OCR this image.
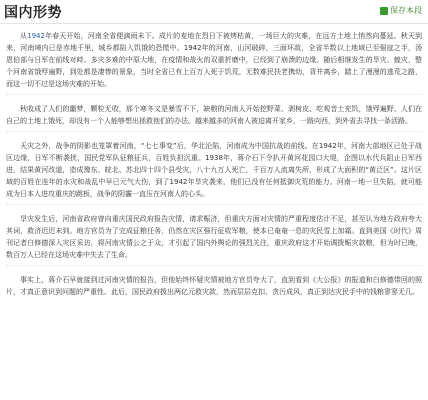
国内形势	保存本段

从1942年春天开始，河南全省便滴雨未下。成片的麦地在烈日下被烤枯黄，一场巨大的灾难，在远方土地上悄然向蔓延。秋天到来，河南境内已是赤地千里，城乡都陷入饥饿的恐慌中。1942年的河南，山河破碎，三面环敌，全省半数以上地域已至强寇之手，汤恩伯部与日军在前线对峙。多灾多难的中原大地，在疫情和战火的双重折磨中，已经到了崩溃的边缘。随后相继发生的旱灾、蝗灾，整个河南省饿殍遍野，到处都是凄惨的景象，当时全省已有上百万人死于饥荒，无数难民扶老携幼，背井离乡，踏上了漫漫的逃荒之路，而这一切不过是这场灾难的开始。

秋收成了人们的噩梦，颗粒无收，那个寒冬又是暴雪不下，缺粮的河南人开始挖野菜、剥树皮、吃观音土充饥，饿殍遍野。人们在自己的土地上饿死，却没有一个人能够想出拯救他们的办法。越来越多的河南人被迫离开家乡，一路向西，到外省去寻找一条活路。

天灾之外，战争的阴影也笼罩着河南，“七七事变”后，华北沦陷，河南成为中国抗战的前线。在1942年，河南大部地区已处于战区边缘，日军不断袭扰，国民党军队征粮征兵，百姓负担沉重。1938年，蒋介石下令扒开黄河花园口大堤，企图以水代兵阻止日军西进，结果黄河改道，造成豫东、皖北、苏北四十四个县受灾，八十九万人死亡，千百万人流离失所，形成了大面积的“黄泛区”。这片区域的百姓在连年的水灾和战乱中早已元气大伤，到了1942年旱灾袭来，他们已没有任何抵御灾荒的能力。河南一地一旦失陷，就可能成为日本人进攻重庆的跳板，战争的阴霾一直压在河南人的心头。

旱灾发生后，河南省政府曾向重庆国民政府报告灾情，请求赈济，但重庆方面对灾情的严重程度估计不足，甚至认为地方政府夸大其词，救济迟迟未到。地方官员为了完成征粮任务，仍然在灾区强行征收军粮，使本已奄奄一息的灾民雪上加霜。直到美国《时代》周刊记者白修德深入灾区采访，将河南灾情公之于众，才引起了国内外舆论的强烈关注，重庆政府这才开始调拨赈灾款粮，但为时已晚，数百万人已经在这场灾难中失去了生命。

事实上，蒋介石早就接到过河南灾情的报告，但他始终怀疑灾情被地方官员夸大了，直到看到《大公报》的报道和白修德带回的照片，才真正意识到问题的严重性。此后，国民政府拨出两亿元救灾款，然而层层克扣、贪污成风，真正到达灾民手中的钱粮寥寥无几。
